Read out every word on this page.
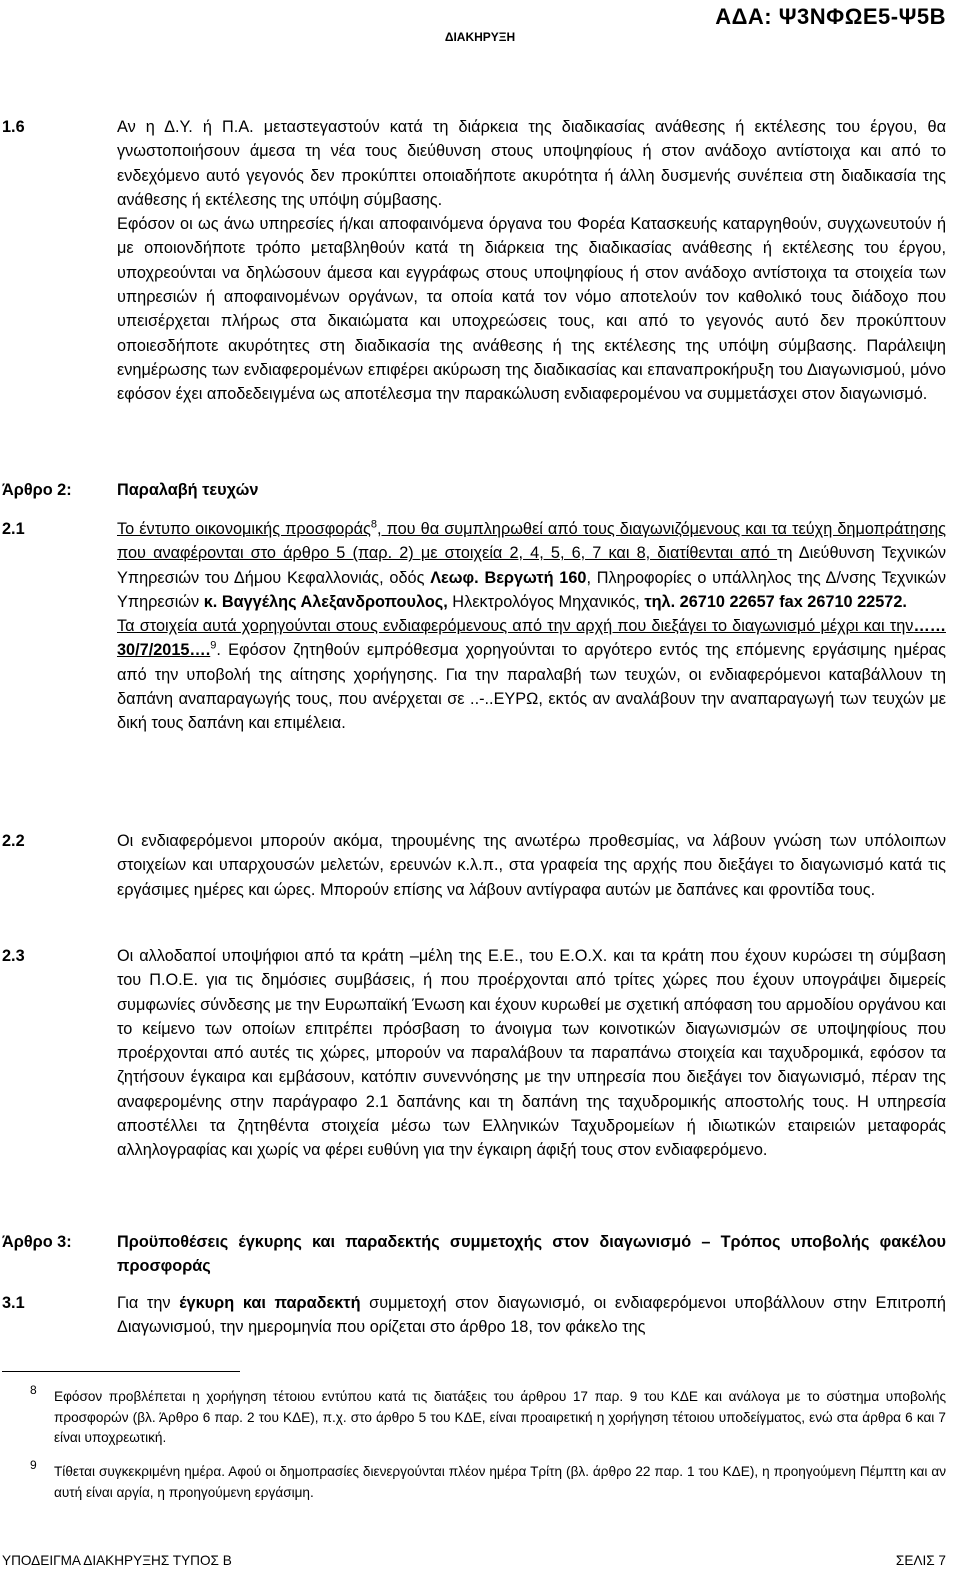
ΑΔΑ: Ψ3ΝΦΩΕ5-Ψ5Β
ΔΙΑΚΗΡΥΞΗ
1.6	Αν η Δ.Υ. ή Π.Α. μεταστεγαστούν κατά τη διάρκεια της διαδικασίας ανάθεσης ή εκτέλεσης του έργου, θα γνωστοποιήσουν άμεσα τη νέα τους διεύθυνση στους υποψηφίους ή στον ανάδοχο αντίστοιχα και από το ενδεχόμενο αυτό γεγονός δεν προκύπτει οποιαδήποτε ακυρότητα ή άλλη δυσμενής συνέπεια στη διαδικασία της ανάθεσης ή εκτέλεσης της υπόψη σύμβασης.
Εφόσον οι ως άνω υπηρεσίες ή/και αποφαινόμενα όργανα του Φορέα Κατασκευής καταργηθούν, συγχωνευτούν ή με οποιονδήποτε τρόπο μεταβληθούν κατά τη διάρκεια της διαδικασίας ανάθεσης ή εκτέλεσης του έργου, υποχρεούνται να δηλώσουν άμεσα και εγγράφως στους υποψηφίους ή στον ανάδοχο αντίστοιχα τα στοιχεία των υπηρεσιών ή αποφαινομένων οργάνων, τα οποία κατά τον νόμο αποτελούν τον καθολικό τους διάδοχο που υπεισέρχεται πλήρως στα δικαιώματα και υποχρεώσεις τους, και από το γεγονός αυτό δεν προκύπτουν οποιεσδήποτε ακυρότητες στη διαδικασία της ανάθεσης ή της εκτέλεσης της υπόψη σύμβασης. Παράλειψη ενημέρωσης των ενδιαφερομένων επιφέρει ακύρωση της διαδικασίας και επαναπροκήρυξη του Διαγωνισμού, μόνο εφόσον έχει αποδεδειγμένα ως αποτέλεσμα την παρακώλυση ενδιαφερομένου να συμμετάσχει στον διαγωνισμό.
Άρθρο 2:	Παραλαβή τευχών
2.1	Το έντυπο οικονομικής προσφοράς$^8$, που θα συμπληρωθεί από τους διαγωνιζόμενους και τα τεύχη δημοπράτησης που αναφέρονται στο άρθρο 5 (παρ. 2) με στοιχεία 2, 4, 5, 6, 7 και 8, διατίθενται από τη Διεύθυνση Τεχνικών Υπηρεσιών του Δήμου Κεφαλλονιάς, οδός Λεωφ. Βεργωτή 160, Πληροφορίες ο υπάλληλος της Δ/νσης Τεχνικών Υπηρεσιών κ. Βαγγέλης Αλεξανδροπουλος, Ηλεκτρολόγος Μηχανικός, τηλ. 26710 22657 fax 26710 22572.
Τα στοιχεία αυτά χορηγούνται στους ενδιαφερόμενους από την αρχή που διεξάγει το διαγωνισμό μέχρι και την……30/7/2015….$^9$. Εφόσον ζητηθούν εμπρόθεσμα χορηγούνται το αργότερο εντός της επόμενης εργάσιμης ημέρας από την υποβολή της αίτησης χορήγησης. Για την παραλαβή των τευχών, οι ενδιαφερόμενοι καταβάλλουν τη δαπάνη αναπαραγωγής τους, που ανέρχεται σε ..-..ΕΥΡΩ, εκτός αν αναλάβουν την αναπαραγωγή των τευχών με δική τους δαπάνη και επιμέλεια.
2.2	Οι ενδιαφερόμενοι μπορούν ακόμα, τηρουμένης της ανωτέρω προθεσμίας, να λάβουν γνώση των υπόλοιπων στοιχείων και υπαρχουσών μελετών, ερευνών κ.λ.π., στα γραφεία της αρχής που διεξάγει το διαγωνισμό κατά τις εργάσιμες ημέρες και ώρες. Μπορούν επίσης να λάβουν αντίγραφα αυτών με δαπάνες και φροντίδα τους.
2.3	Οι αλλοδαποί υποψήφιοι από τα κράτη –μέλη της Ε.Ε., του Ε.Ο.Χ. και τα κράτη που έχουν κυρώσει τη σύμβαση του Π.Ο.Ε. για τις δημόσιες συμβάσεις, ή που προέρχονται από τρίτες χώρες που έχουν υπογράψει διμερείς συμφωνίες σύνδεσης με την Ευρωπαϊκή Ένωση και έχουν κυρωθεί με σχετική απόφαση του αρμοδίου οργάνου και το κείμενο των οποίων επιτρέπει πρόσβαση το άνοιγμα των κοινοτικών διαγωνισμών σε υποψηφίους που προέρχονται από αυτές τις χώρες, μπορούν να παραλάβουν τα παραπάνω στοιχεία και ταχυδρομικά, εφόσον τα ζητήσουν έγκαιρα και εμβάσουν, κατόπιν συνεννόησης με την υπηρεσία που διεξάγει τον διαγωνισμό, πέραν της αναφερομένης στην παράγραφο 2.1 δαπάνης και τη δαπάνη της ταχυδρομικής αποστολής τους. Η υπηρεσία αποστέλλει τα ζητηθέντα στοιχεία μέσω των Ελληνικών Ταχυδρομείων ή ιδιωτικών εταιρειών μεταφοράς αλληλογραφίας και χωρίς να φέρει ευθύνη για την έγκαιρη άφιξή τους στον ενδιαφερόμενο.
Άρθρο 3:	Προϋποθέσεις έγκυρης και παραδεκτής συμμετοχής στον διαγωνισμό – Τρόπος υποβολής φακέλου προσφοράς
3.1	Για την έγκυρη και παραδεκτή συμμετοχή στον διαγωνισμό, οι ενδιαφερόμενοι υποβάλλουν στην Επιτροπή Διαγωνισμού, την ημερομηνία που ορίζεται στο άρθρο 18, τον φάκελο της
8 Εφόσον προβλέπεται η χορήγηση τέτοιου εντύπου κατά τις διατάξεις του άρθρου 17 παρ. 9 του ΚΔΕ και ανάλογα με το σύστημα υποβολής προσφορών (βλ. Άρθρο 6 παρ. 2 του ΚΔΕ), π.χ. στο άρθρο 5 του ΚΔΕ, είναι προαιρετική η χορήγηση τέτοιου υποδείγματος, ενώ στα άρθρα 6 και 7 είναι υποχρεωτική.
9 Τίθεται συγκεκριμένη ημέρα. Αφού οι δημοπρασίες διενεργούνται πλέον ημέρα Τρίτη (βλ. άρθρο 22 παρ. 1 του ΚΔΕ), η προηγούμενη Πέμπτη και αν αυτή είναι αργία, η προηγούμενη εργάσιμη.
ΥΠΟΔΕΙΓΜΑ ΔΙΑΚΗΡΥΞΗΣ ΤΥΠΟΣ Β	ΣΕΛΙΣ 7
